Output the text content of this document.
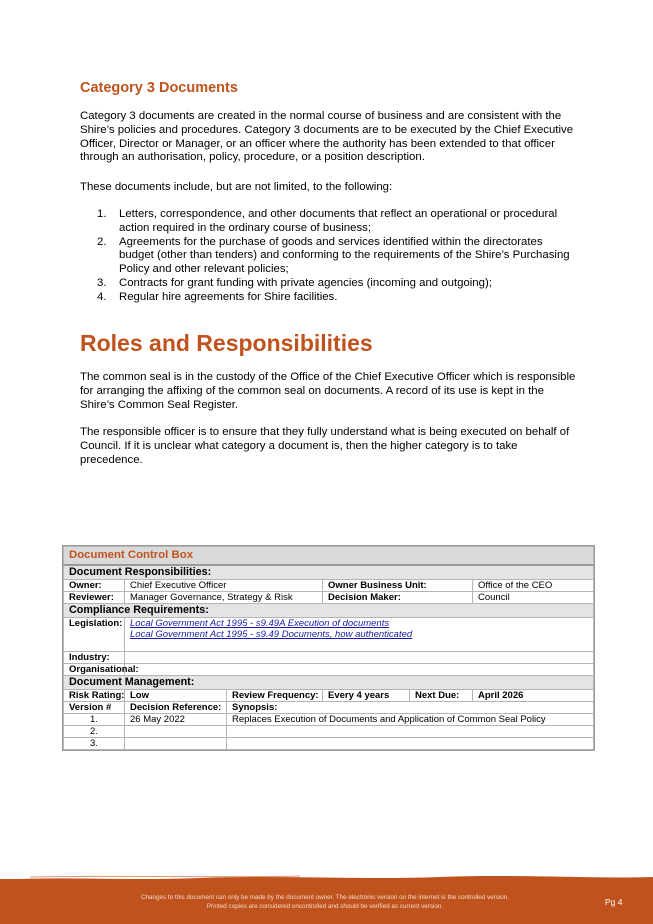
Category 3 Documents

Category 3 documents are created in the normal course of business and are consistent with the Shire’s policies and procedures. Category 3 documents are to be executed by the Chief Executive Officer, Director or Manager, or an officer where the authority has been extended to that officer through an authorisation, policy, procedure, or a position description.

These documents include, but are not limited, to the following:

1. Letters, correspondence, and other documents that reflect an operational or procedural action required in the ordinary course of business;
2. Agreements for the purchase of goods and services identified within the directorates budget (other than tenders) and conforming to the requirements of the Shire’s Purchasing Policy and other relevant policies;
3. Contracts for grant funding with private agencies (incoming and outgoing);
4. Regular hire agreements for Shire facilities.
Roles and Responsibilities

The common seal is in the custody of the Office of the Chief Executive Officer which is responsible for arranging the affixing of the common seal on documents. A record of its use is kept in the Shire’s Common Seal Register.

The responsible officer is to ensure that they fully understand what is being executed on behalf of Council. If it is unclear what category a document is, then the higher category is to take precedence.

Document Control Box					
Document Responsibilities:					
Owner:	Chief Executive Officer		Owner Business Unit:		Office of the CEO
Reviewer:	Manager Governance, Strategy & Risk		Decision Maker:		Council
Compliance Requirements:					
Legislation:	Local Government Act 1995 - s9.49A Execution of documents
Local Government Act 1995 - s9.49 Documents, how authenticated				
Industry:					
Organisational:					
Document Management:					
Risk Rating:	Low	Review Frequency:	Every 4 years	Next Due:	April 2026
Version #	Decision Reference:	Synopsis:			
1.	26 May 2022	Replaces Execution of Documents and Application of Common Seal Policy			
2.					
3.					
Changes to this document can only be made by the document owner. The electronic version on the internet is the controlled version.
Printed copies are considered uncontrolled and should be verified as current version.	Pg 4
